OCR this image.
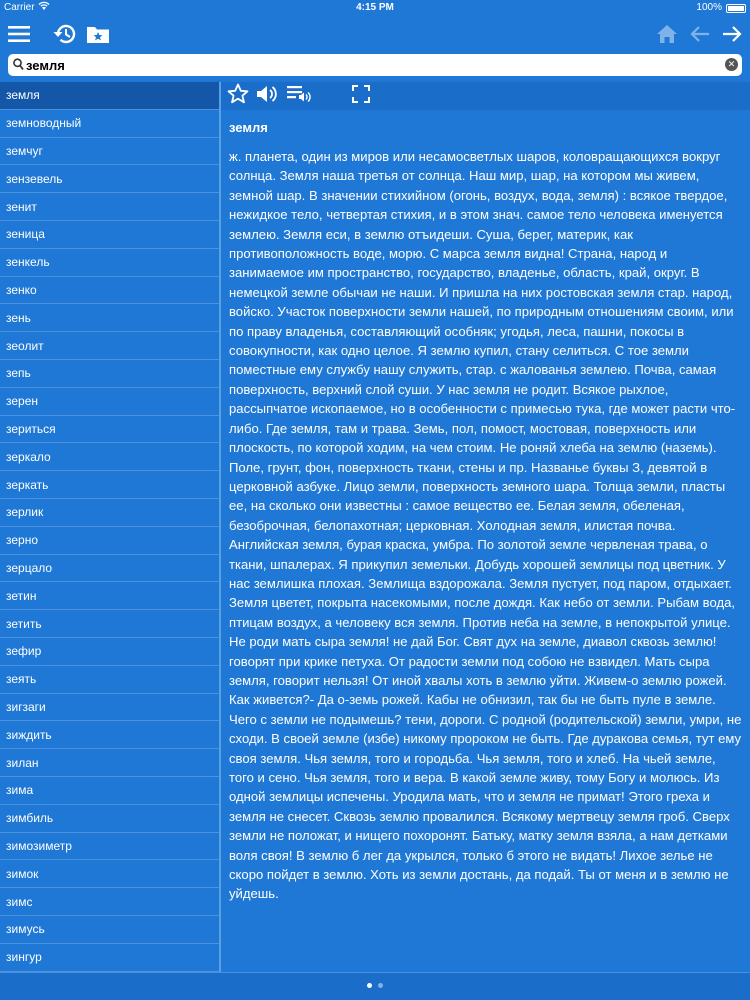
Carrier	4:15 PM	100%
земля
✕
земля
земноводный
земчуг
зензевель
зенит
зеница
зенкель
зенко
зень
зеолит
зепь
зерен
зериться
зеркало
зеркать
зерлик
зерно
зерцало
зетин
зетить
зефир
зеять
зигзаги
зиждить
зилан
зима
зимбиль
зимозиметр
зимок
зимс
зимусь
зингур
земля
ж. планета, один из миров или несамосветлых шаров, коловращающихся вокруг солнца. Земля наша третья от солнца. Наш мир, шар, на котором мы живем, земной шар. В значении стихийном (огонь, воздух, вода, земля) : всякое твердое, нежидкое тело, четвертая стихия, и в этом знач. самое тело человека именуется землею. Земля еси, в землю отъидеши. Суша, берег, материк, как противоположность воде, морю. С марса земля видна! Страна, народ и занимаемое им пространство, государство, владенье, область, край, округ. В немецкой земле обычаи не наши. И пришла на них ростовская земля стар. народ, войско. Участок поверхности земли нашей, по природным отношениям своим, или по праву владенья, составляющий особняк; угодья, леса, пашни, покосы в совокупности, как одно целое. Я землю купил, стану селиться. С тое земли поместные ему службу нашу служить, стар. с жалованья землею. Почва, самая поверхность, верхний слой суши. У нас земля не родит. Всякое рыхлое, рассыпчатое ископаемое, но в особенности с примесью тука, где может расти что-либо. Где земля, там и трава. Земь, пол, помост, мостовая, поверхность или плоскость, по которой ходим, на чем стоим. Не роняй хлеба на землю (наземь). Поле, грунт, фон, поверхность ткани, стены и пр. Названье буквы З, девятой в церковной азбуке. Лицо земли, поверхность земного шара. Толща земли, пласты ее, на сколько они известны : самое вещество ее. Белая земля, обеленая, безоброчная, белопахотная; церковная. Холодная земля, илистая почва. Английская земля, бурая краска, умбра. По золотой земле червленая трава, о ткани, шпалерах. Я прикупил земельки. Добудь хорошей землицы под цветник. У нас землишка плохая. Землища вздорожала. Земля пустует, под паром, отдыхает. Земля цветет, покрыта насекомыми, после дождя. Как небо от земли. Рыбам вода, птицам воздух, а человеку вся земля. Против неба на земле, в непокрытой улице. Не роди мать сыра земля! не дай Бог. Свят дух на земле, диавол сквозь землю! говорят при крике петуха. От радости земли под собою не взвидел. Мать сыра земля, говорит нельзя! От иной хвалы хоть в землю уйти. Живем-о землю рожей. Как живется?- Да о-земь рожей. Кабы не обнизил, так бы не быть пуле в земле. Чего с земли не подымешь? тени, дороги. С родной (родительской) земли, умри, не сходи. В своей земле (избе) никому пророком не быть. Где дуракова семья, тут ему своя земля. Чья земля, того и городьба. Чья земля, того и хлеб. На чьей земле, того и сено. Чья земля, того и вера. В какой земле живу, тому Богу и молюсь. Из одной землицы испечены. Уродила мать, что и земля не примат! Этого греха и земля не снесет. Сквозь землю провалился. Всякому мертвецу земля гроб. Сверх земли не положат, и нищего похоронят. Батьку, матку земля взяла, а нам детками воля своя! В землю б лег да укрылся, только б этого не видать! Лихое зелье не скоро пойдет в землю. Хоть из земли достань, да подай. Ты от меня и в землю не уйдешь.
